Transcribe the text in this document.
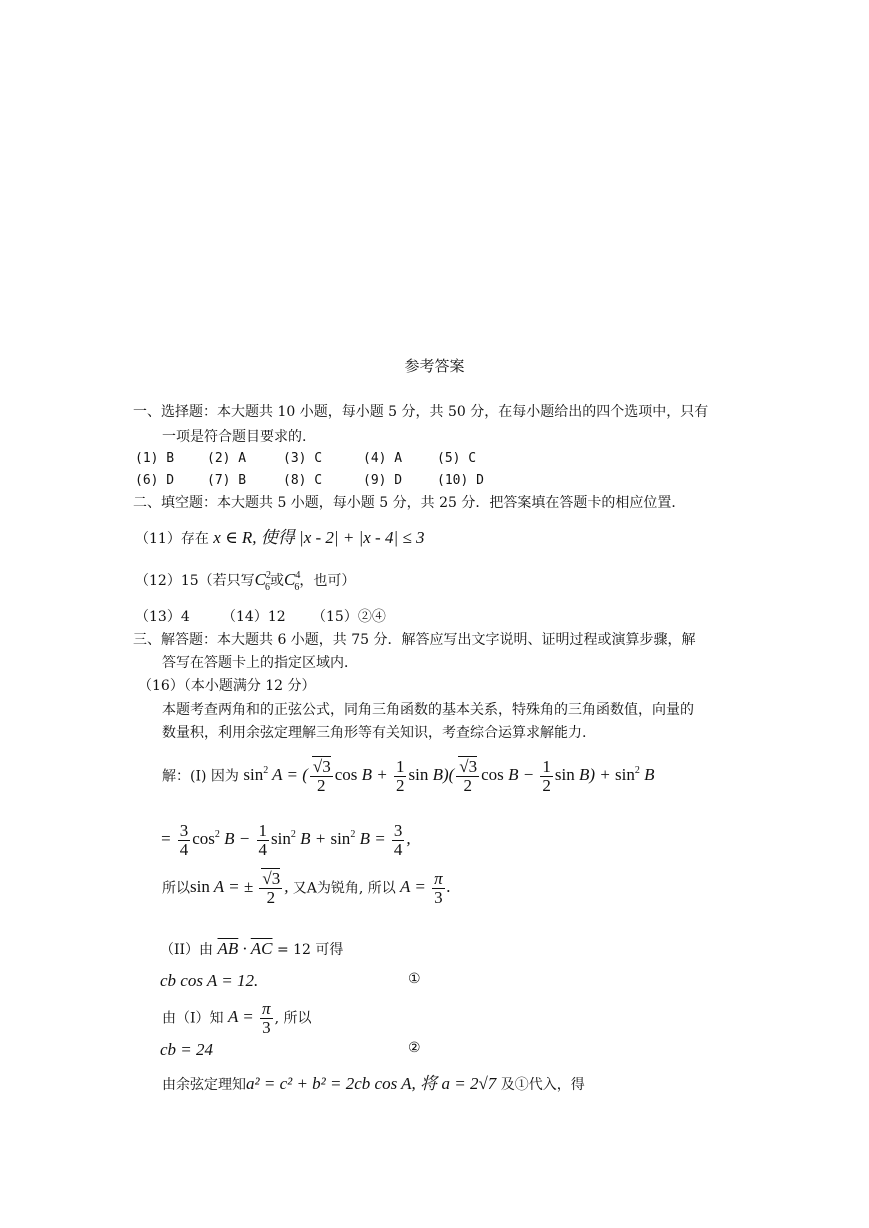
参考答案
一、选择题：本大题共 10 小题，每小题 5 分，共 50 分，在每小题给出的四个选项中，只有
一项是符合题目要求的.
(1) B	(2) A	(3) C	(4) A	(5) C
(6) D	(7) B	(8) C	(9) D	(10) D
二、填空题：本大题共 5 小题，每小题 5 分，共 25 分．把答案填在答题卡的相应位置．
（11）存在 x ∈ R, 使得 |x - 2| + |x - 4| ≤ 3
（12）15（若只写$C^2_6$或$C^4_6$，也可）
（13）4 （14）12 （15）②④
三、解答题：本大题共 6 小题，共 75 分．解答应写出文字说明、证明过程或演算步骤，解
答写在答题卡上的指定区域内．
（16）（本小题满分 12 分）
本题考查两角和的正弦公式，同角三角函数的基本关系，特殊角的三角函数值，向量的
数量积，利用余弦定理解三角形等有关知识，考查综合运算求解能力.
解：(I) 因为 $\sin^2 A$ = ( $\frac{√3}{2}$ $\cos B + \frac{1}{2}$ $\sin B)( \frac{√3}{2}$ $\cos B - \frac{1}{2}$ $\sin B) + \sin^2 B$
= $\frac{3}{4} \cos^2 B - \frac{1}{4} \sin^2 B + \sin^2 B = \frac{3}{4}$ ,
所以sin A = ± $\frac{√3}{2}$ , 又A为锐角, 所以 $A = \frac{\pi}{3}$ .
（II）由 $\overline{AB} \cdot \overline{AC} = 12$ 可得
cb cos A = 12.	①
由（I）知 $A = \frac{\pi}{3}$ , 所以
cb = 24	②
由余弦定理知a² = c² + b² = 2cb cos A, 将 a = 2√7 及①代入，得
